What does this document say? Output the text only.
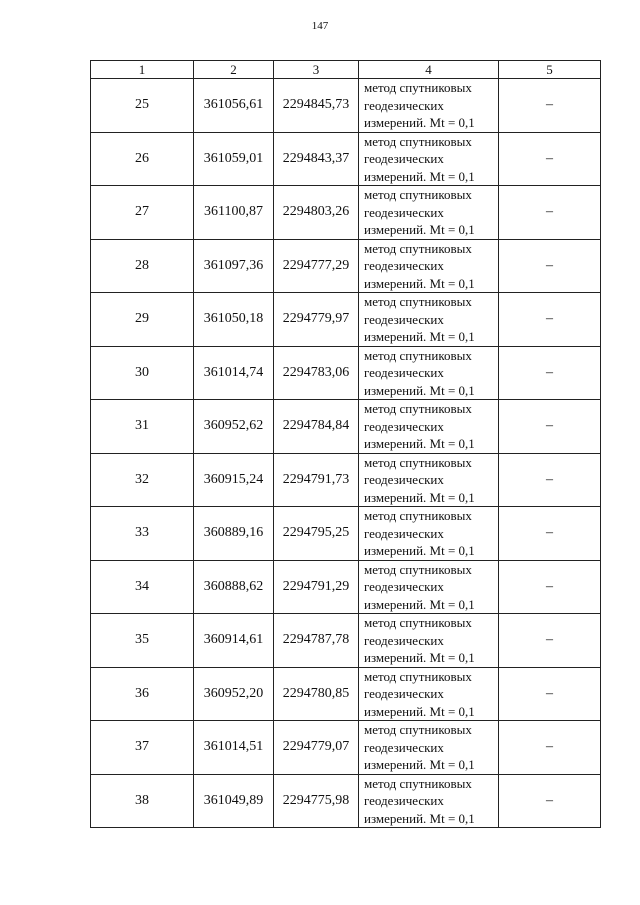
147
1	2	3	4	5
25	361056,61	2294845,73	метод спутниковых
геодезических
измерений. Mt = 0,1	–
26	361059,01	2294843,37	метод спутниковых
геодезических
измерений. Mt = 0,1	–
27	361100,87	2294803,26	метод спутниковых
геодезических
измерений. Mt = 0,1	–
28	361097,36	2294777,29	метод спутниковых
геодезических
измерений. Mt = 0,1	–
29	361050,18	2294779,97	метод спутниковых
геодезических
измерений. Mt = 0,1	–
30	361014,74	2294783,06	метод спутниковых
геодезических
измерений. Mt = 0,1	–
31	360952,62	2294784,84	метод спутниковых
геодезических
измерений. Mt = 0,1	–
32	360915,24	2294791,73	метод спутниковых
геодезических
измерений. Mt = 0,1	–
33	360889,16	2294795,25	метод спутниковых
геодезических
измерений. Mt = 0,1	–
34	360888,62	2294791,29	метод спутниковых
геодезических
измерений. Mt = 0,1	–
35	360914,61	2294787,78	метод спутниковых
геодезических
измерений. Mt = 0,1	–
36	360952,20	2294780,85	метод спутниковых
геодезических
измерений. Mt = 0,1	–
37	361014,51	2294779,07	метод спутниковых
геодезических
измерений. Mt = 0,1	–
38	361049,89	2294775,98	метод спутниковых
геодезических
измерений. Mt = 0,1	–
